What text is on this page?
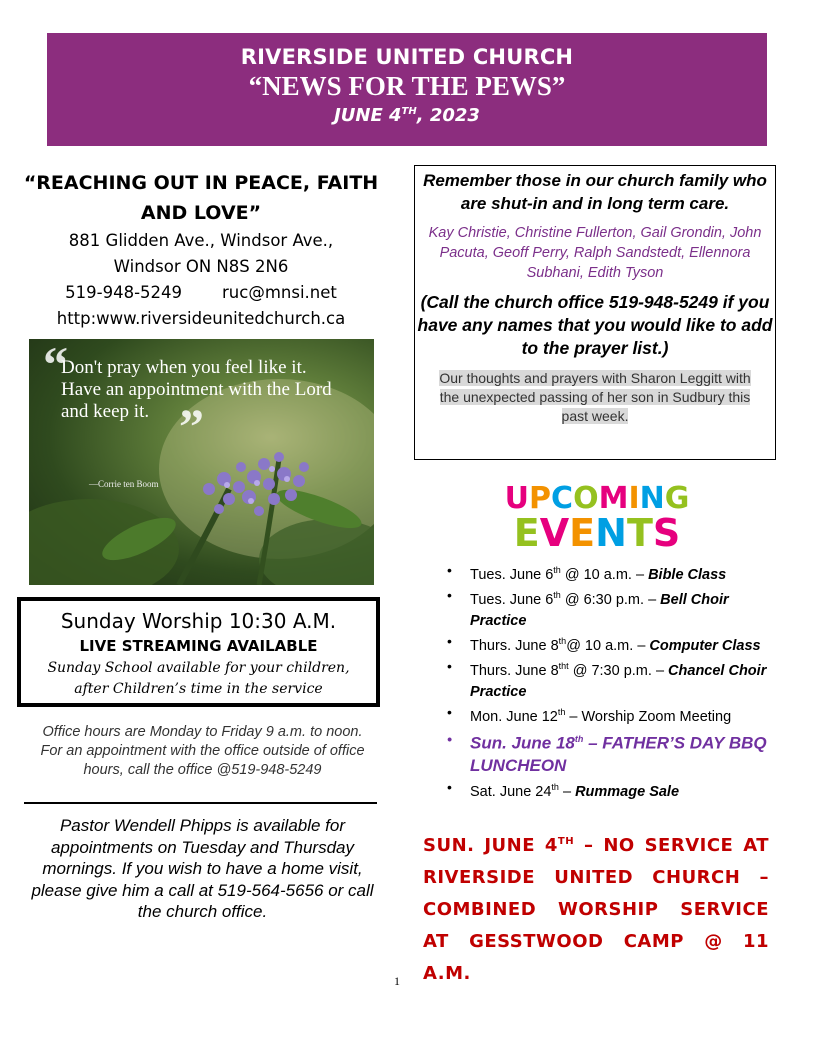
RIVERSIDE UNITED CHURCH
“NEWS FOR THE PEWS”
JUNE 4TH, 2023
“REACHING OUT IN PEACE, FAITH AND LOVE”
881 Glidden Ave., Windsor Ave.,
Windsor ON N8S 2N6
519-948-5249 ruc@mnsi.net
http:www.riversideunitedchurch.ca
“
Don't pray when you feel like it. Have an appointment with the Lord and keep it. ”
—Corrie ten Boom
Sunday Worship 10:30 A.M.
LIVE STREAMING AVAILABLE
Sunday School available for your children,
after Children’s time in the service
Office hours are Monday to Friday 9 a.m. to noon. For an appointment with the office outside of office hours, call the office @519-948-5249
Pastor Wendell Phipps is available for appointments on Tuesday and Thursday mornings. If you wish to have a home visit, please give him a call at 519-564-5656 or call the church office.
Remember those in our church family who are shut-in and in long term care.
Kay Christie, Christine Fullerton, Gail Grondin, John Pacuta, Geoff Perry, Ralph Sandstedt, Ellennora Subhani, Edith Tyson
(Call the church office 519-948-5249 if you have any names that you would like to add to the prayer list.)
Our thoughts and prayers with Sharon Leggitt with the unexpected passing of her son in Sudbury this past week.
UPCOMING
EVENTS
• Tues. June 6th @ 10 a.m. – Bible Class
• Tues. June 6th @ 6:30 p.m. – Bell Choir Practice
• Thurs. June 8th@ 10 a.m. – Computer Class
• Thurs. June $8^{tht}$ @ 7:30 p.m. – Chancel Choir Practice
• Mon. June 12th – Worship Zoom Meeting
• Sun. June 18th – FATHER’S DAY BBQ LUNCHEON
• Sat. June 24th – Rummage Sale
SUN. JUNE 4TH – NO SERVICE AT RIVERSIDE UNITED CHURCH – COMBINED WORSHIP SERVICE AT GESSTWOOD CAMP @ 11 A.M.
1
